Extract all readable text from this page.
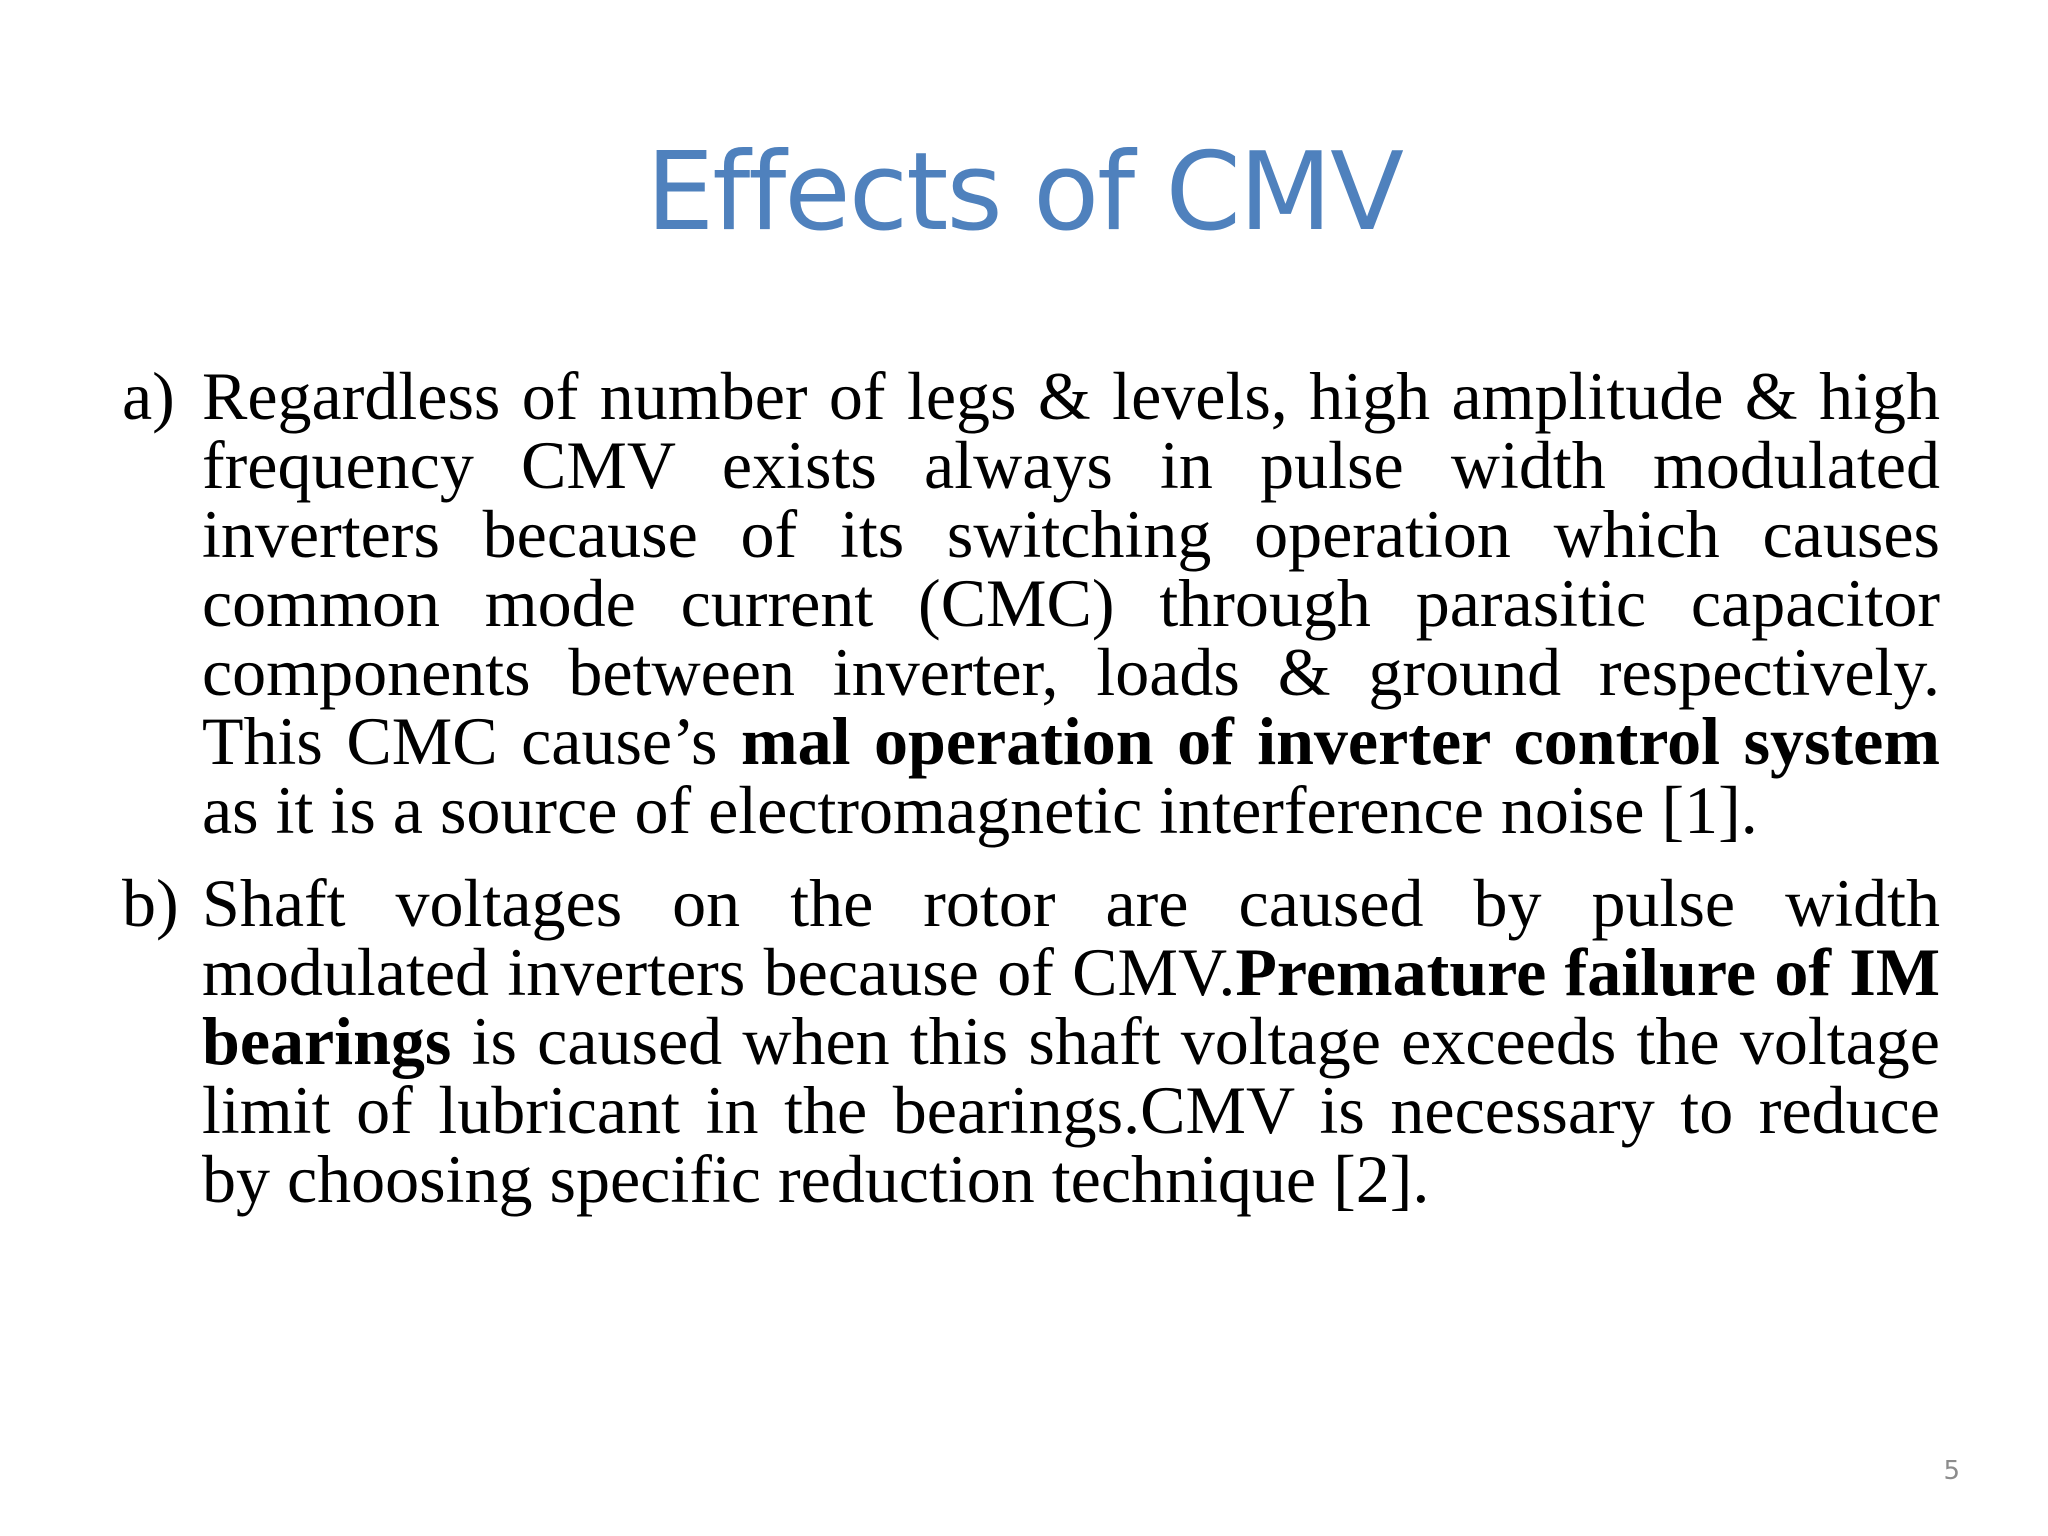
Effects of CMV
a) Regardless of number of legs & levels, high amplitude & high frequency CMV exists always in pulse width modulated inverters because of its switching operation which causes common mode current (CMC) through parasitic capacitor components between inverter, loads & ground respectively. This CMC cause’s mal operation of inverter control system as it is a source of electromagnetic interference noise [1].
b) Shaft voltages on the rotor are caused by pulse width modulated inverters because of CMV.Premature failure of IM bearings is caused when this shaft voltage exceeds the voltage limit of lubricant in the bearings.CMV is necessary to reduce by choosing specific reduction technique [2].
5
